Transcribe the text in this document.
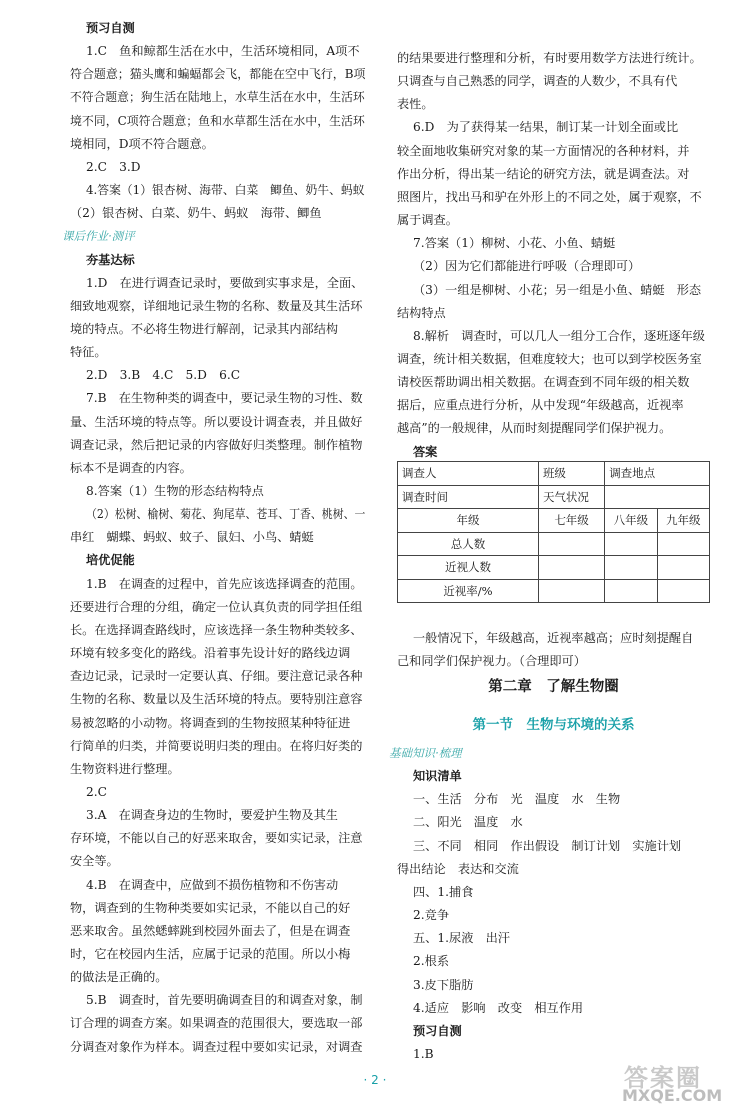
预习自测
1.C　鱼和鲸都生活在水中，生活环境相同，A项不
符合题意；猫头鹰和蝙蝠都会飞，都能在空中飞行，B项
不符合题意；狗生活在陆地上，水草生活在水中，生活环
境不同，C项符合题意；鱼和水草都生活在水中，生活环
境相同，D项不符合题意。
2.C　3.D
4.答案（1）银杏树、海带、白菜　鲫鱼、奶牛、蚂蚁
（2）银杏树、白菜、奶牛、蚂蚁　海带、鲫鱼
课后作业·测评
夯基达标
1.D　在进行调查记录时，要做到实事求是，全面、
细致地观察，详细地记录生物的名称、数量及其生活环
境的特点。不必将生物进行解剖，记录其内部结构
特征。
2.D　3.B　4.C　5.D　6.C
7.B　在生物种类的调查中，要记录生物的习性、数
量、生活环境的特点等。所以要设计调查表，并且做好
调查记录，然后把记录的内容做好归类整理。制作植物
标本不是调查的内容。
8.答案（1）生物的形态结构特点
（2）松树、榆树、菊花、狗尾草、苍耳、丁香、桃树、一
串红　蝴蝶、蚂蚁、蚊子、鼠妇、小鸟、蜻蜓
培优促能
1.B　在调查的过程中，首先应该选择调查的范围。
还要进行合理的分组，确定一位认真负责的同学担任组
长。在选择调查路线时，应该选择一条生物种类较多、
环境有较多变化的路线。沿着事先设计好的路线边调
查边记录，记录时一定要认真、仔细。要注意记录各种
生物的名称、数量以及生活环境的特点。要特别注意容
易被忽略的小动物。将调查到的生物按照某种特征进
行简单的归类，并简要说明归类的理由。在将归好类的
生物资料进行整理。
2.C
3.A　在调查身边的生物时，要爱护生物及其生
存环境，不能以自己的好恶来取舍，要如实记录，注意
安全等。
4.B　在调查中，应做到不损伤植物和不伤害动
物，调查到的生物种类要如实记录，不能以自己的好
恶来取舍。虽然蟋蟀跳到校园外面去了，但是在调查
时，它在校园内生活，应属于记录的范围。所以小梅
的做法是正确的。
5.B　调查时，首先要明确调查目的和调查对象，制
订合理的调查方案。如果调查的范围很大，要选取一部
分调查对象作为样本。调查过程中要如实记录，对调查
调查人	班级	调查地点	
调查时间	天气状况		
年级	七年级	八年级	九年级
总人数			
近视人数			
近视率/%			
第二章　了解生物圈
第一节　生物与环境的关系
的结果要进行整理和分析，有时要用数学方法进行统计。
只调查与自己熟悉的同学，调查的人数少，不具有代
表性。
6.D　为了获得某一结果，制订某一计划全面或比
较全面地收集研究对象的某一方面情况的各种材料，并
作出分析，得出某一结论的研究方法，就是调查法。对
照图片，找出马和驴在外形上的不同之处，属于观察，不
属于调查。
7.答案（1）柳树、小花、小鱼、蜻蜓
（2）因为它们都能进行呼吸（合理即可）
（3）一组是柳树、小花；另一组是小鱼、蜻蜓　形态
结构特点
8.解析　调查时，可以几人一组分工合作，逐班逐年级
调查，统计相关数据，但难度较大；也可以到学校医务室
请校医帮助调出相关数据。在调查到不同年级的相关数
据后，应重点进行分析，从中发现“年级越高，近视率
越高”的一般规律，从而时刻提醒同学们保护视力。
答案
一般情况下，年级越高，近视率越高；应时刻提醒自
己和同学们保护视力。（合理即可）
基础知识·梳理
知识清单
一、生活　分布　光　温度　水　生物
二、阳光　温度　水
三、不同　相同　作出假设　制订计划　实施计划
得出结论　表达和交流
四、1.捕食
2.竞争
五、1.尿液　出汗
2.根系
3.皮下脂肪
4.适应　影响　改变　相互作用
预习自测
1.B
· 2 ·	答案圈
MXQE.COM
